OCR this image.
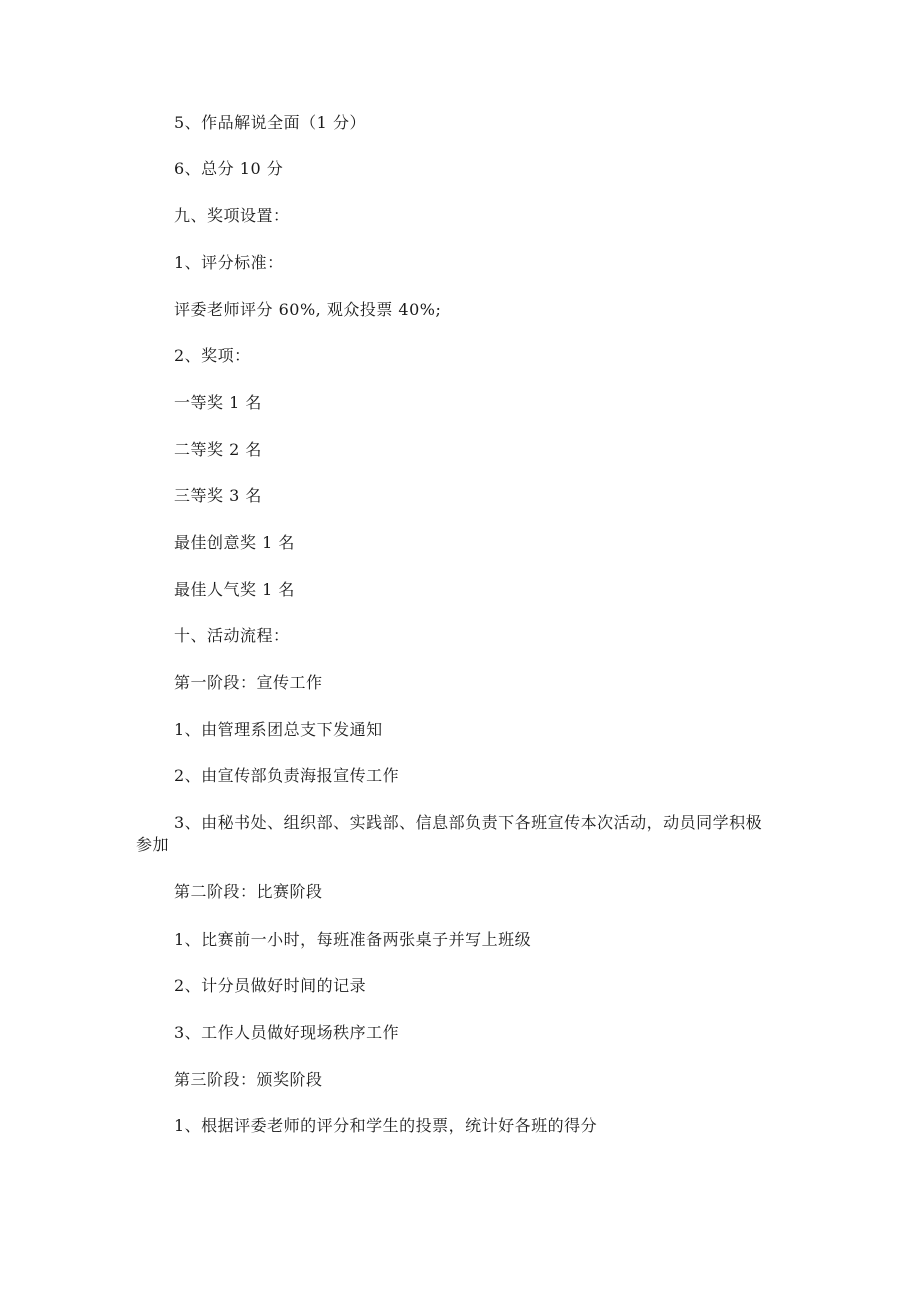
5、作品解说全面（1 分）
6、总分 10 分
九、奖项设置：
1、评分标准：
评委老师评分 60%, 观众投票 40%;
2、奖项：
一等奖 1 名
二等奖 2 名
三等奖 3 名
最佳创意奖 1 名
最佳人气奖 1 名
十、活动流程：
第一阶段：宣传工作
1、由管理系团总支下发通知
2、由宣传部负责海报宣传工作
3、由秘书处、组织部、实践部、信息部负责下各班宣传本次活动，动员同学积极
参加
第二阶段：比赛阶段
1、比赛前一小时，每班准备两张桌子并写上班级
2、计分员做好时间的记录
3、工作人员做好现场秩序工作
第三阶段：颁奖阶段
1、根据评委老师的评分和学生的投票，统计好各班的得分
